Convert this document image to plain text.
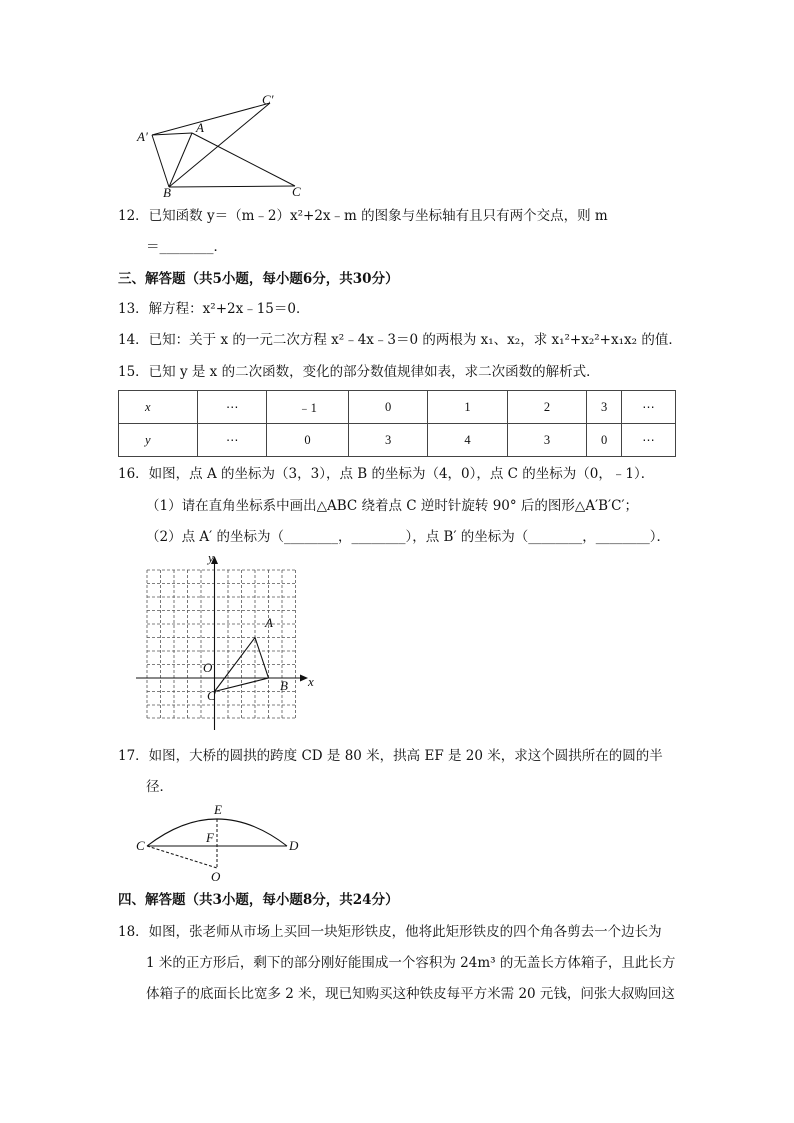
C′
A′
A
B	C
12．已知函数 y＝（m﹣2）x²+2x﹣m 的图象与坐标轴有且只有两个交点，则 m
＝________．
三、解答题（共5小题，每小题6分，共30分）
13．解方程：x²+2x﹣15＝0．
14．已知：关于 x 的一元二次方程 x²﹣4x﹣3＝0 的两根为 x₁、x₂，求 x₁²+x₂²+x₁x₂ 的值．
15．已知 y 是 x 的二次函数，变化的部分数值规律如表，求二次函数的解析式．
x	⋯	﹣1	0	1	2	3	⋯
y	⋯	0	3	4	3	0	⋯
16．如图，点 A 的坐标为（3，3），点 B 的坐标为（4，0），点 C 的坐标为（0，﹣1）．
（1）请在直角坐标系中画出△ABC 绕着点 C 逆时针旋转 90° 后的图形△A′B′C′；
（2）点 A′ 的坐标为（________，________），点 B′ 的坐标为（________，________）．
y
x
O
A
B
C
17．如图，大桥的圆拱的跨度 CD 是 80 米，拱高 EF 是 20 米，求这个圆拱所在的圆的半
径．
E
F
C	D
O
四、解答题（共3小题，每小题8分，共24分）
18．如图，张老师从市场上买回一块矩形铁皮，他将此矩形铁皮的四个角各剪去一个边长为
1 米的正方形后，剩下的部分刚好能围成一个容积为 24m³ 的无盖长方体箱子，且此长方
体箱子的底面长比宽多 2 米，现已知购买这种铁皮每平方米需 20 元钱，问张大叔购回这
